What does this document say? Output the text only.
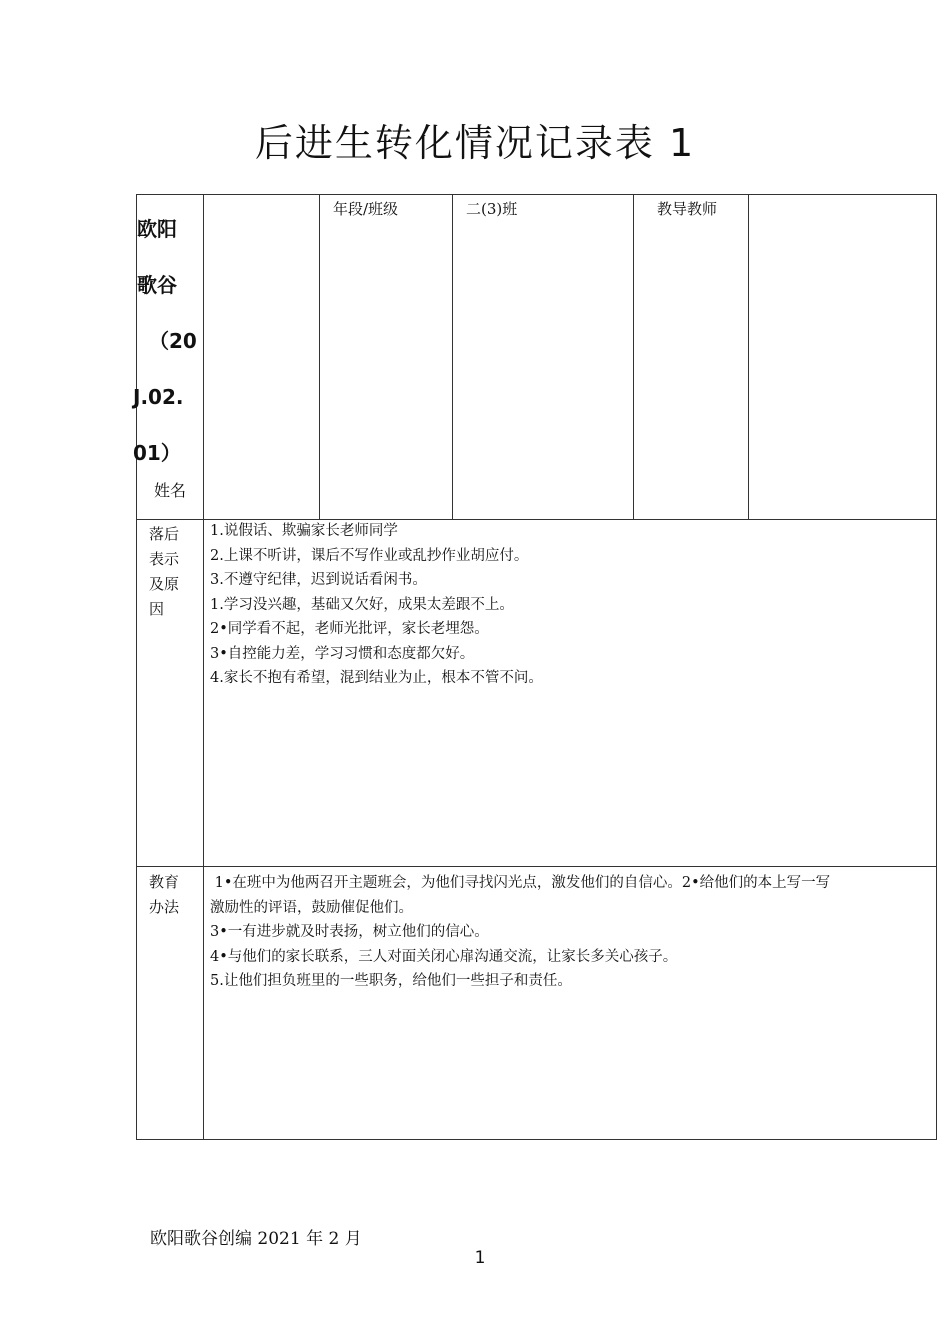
后进生转化情况记录表 1
欧阳
歌谷
（20
J.02.
01）
姓名
年段/班级	二(3)班	教导教师
落后表示及原因
1.说假话、欺骗家长老师同学
2.上课不听讲，课后不写作业或乱抄作业胡应付。
3.不遵守纪律，迟到说话看闲书。
1.学习没兴趣，基础又欠好，成果太差跟不上。
2•同学看不起，老师光批评，家长老埋怨。
3•自控能力差，学习习惯和态度都欠好。
4.家长不抱有希望，混到结业为止，根本不管不问。
教育办法
1•在班中为他两召开主题班会，为他们寻找闪光点，激发他们的自信心。2•给他们的本上写一写
激励性的评语，鼓励催促他们。
3•一有进步就及时表扬，树立他们的信心。
4•与他们的家长联系，三人对面关闭心扉沟通交流，让家长多关心孩子。
5.让他们担负班里的一些职务，给他们一些担子和责任。
欧阳歌谷创编 2021 年 2 月
1
